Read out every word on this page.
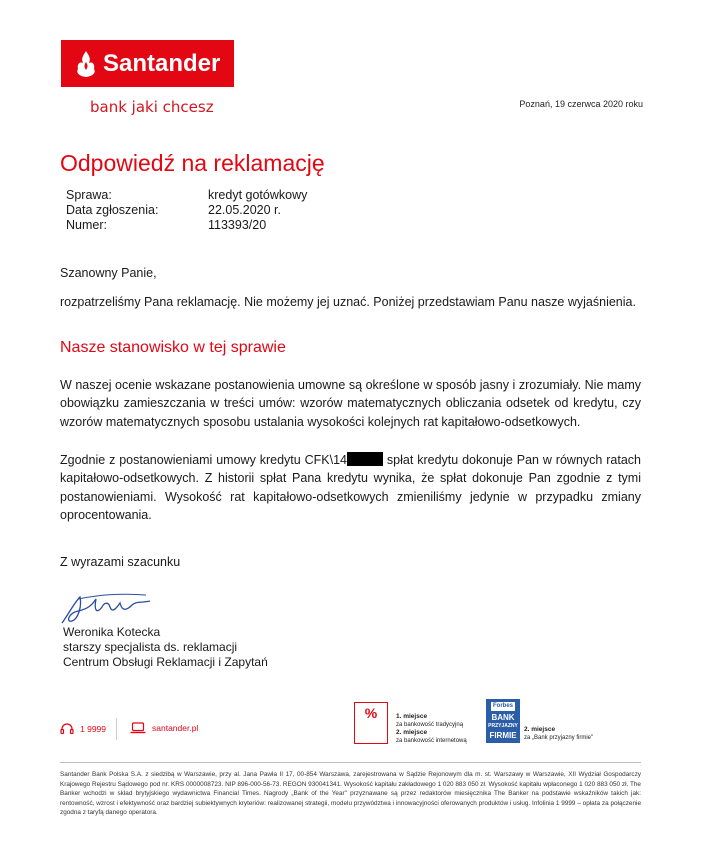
Santander
bank jaki chcesz	Poznań, 19 czerwca 2020 roku
Odpowiedź na reklamację
Sprawa:	kredyt gotówkowy
Data zgłoszenia:	22.05.2020 r.
Numer:	113393/20
Szanowny Panie,
rozpatrzeliśmy Pana reklamację. Nie możemy jej uznać. Poniżej przedstawiam Panu nasze wyjaśnienia.
Nasze stanowisko w tej sprawie
W naszej ocenie wskazane postanowienia umowne są określone w sposób jasny i zrozumiały. Nie mamy obowiązku zamieszczania w treści umów: wzorów matematycznych obliczania odsetek od kredytu, czy wzorów matematycznych sposobu ustalania wysokości kolejnych rat kapitałowo-odsetkowych.
Zgodnie z postanowieniami umowy kredytu CFK\14	spłat kredytu dokonuje Pan w równych ratach kapitałowo-odsetkowych. Z historii spłat Pana kredytu wynika, że spłat dokonuje Pan zgodnie z tymi postanowieniami. Wysokość rat kapitałowo-odsetkowych zmieniliśmy jedynie w przypadku zmiany oprocentowania.
Z wyrazami szacunku
Weronika Kotecka
starszy specjalista ds. reklamacji
Centrum Obsługi Reklamacji i Zapytań
1 9999	santander.pl
%	1. miejsce
za bankowość tradycyjną
2. miejsce
za bankowość internetową
Forbes
BANK
PRZYJAZNY
FIRMIE
2. miejsce
za „Bank przyjazny firmie"
Santander Bank Polska S.A. z siedzibą w Warszawie, przy al. Jana Pawła II 17, 00-854 Warszawa, zarejestrowana w Sądzie Rejonowym dla m. st. Warszawy w Warszawie, XII Wydział Gospodarczy Krajowego Rejestru Sądowego pod nr. KRS 0000008723. NIP 896-000-56-73. REGON 930041341. Wysokość kapitału zakładowego 1 020 883 050 zł. Wysokość kapitału wpłaconego 1 020 883 050 zł. The Banker wchodzi w skład brytyjskiego wydawnictwa Financial Times. Nagrody „Bank of the Year" przyznawane są przez redaktorów miesięcznika The Banker na podstawie wskaźników takich jak: rentowność, wzrost i efektywność oraz bardziej subiektywnych kryteriów: realizowanej strategii, modelu przywództwa i innowacyjności oferowanych produktów i usług. Infolinia 1 9999 – opłata za połączenie zgodna z taryfą danego operatora.
